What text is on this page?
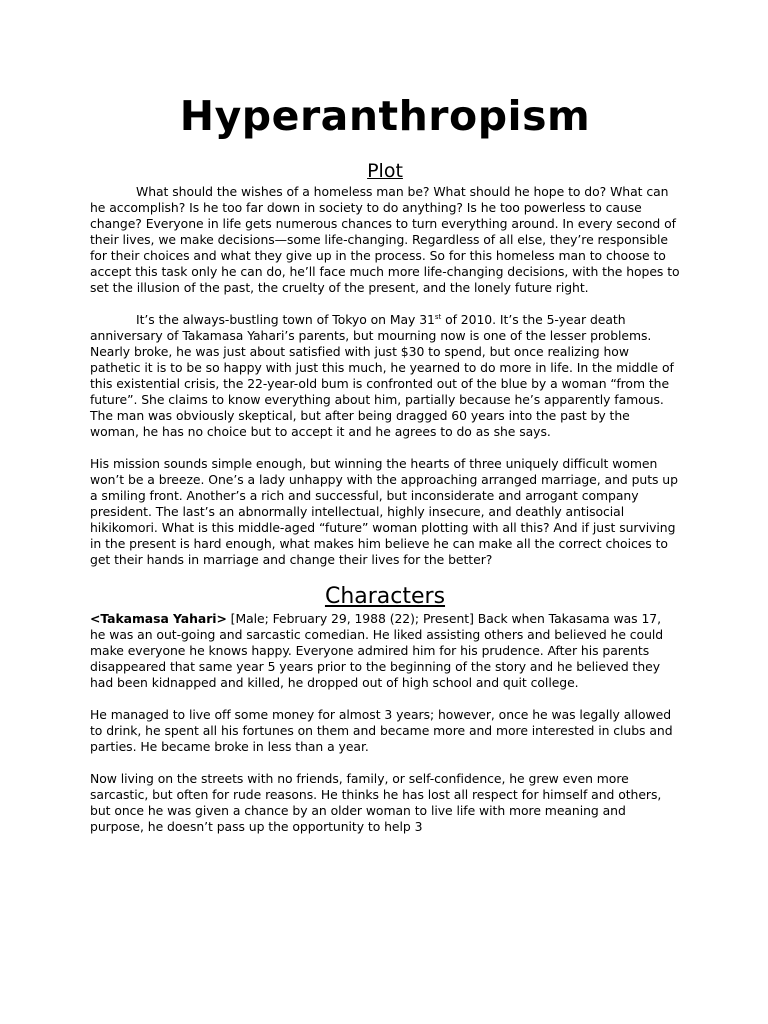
Hyperanthropism
Plot

What should the wishes of a homeless man be? What should he hope to do? What can he accomplish? Is he too far down in society to do anything? Is he too powerless to cause change? Everyone in life gets numerous chances to turn everything around. In every second of their lives, we make decisions—some life-changing. Regardless of all else, they’re responsible for their choices and what they give up in the process. So for this homeless man to choose to accept this task only he can do, he’ll face much more life-changing decisions, with the hopes to set the illusion of the past, the cruelty of the present, and the lonely future right.

It’s the always-bustling town of Tokyo on May 31st of 2010. It’s the 5-year death anniversary of Takamasa Yahari’s parents, but mourning now is one of the lesser problems. Nearly broke, he was just about satisfied with just $30 to spend, but once realizing how pathetic it is to be so happy with just this much, he yearned to do more in life. In the middle of this existential crisis, the 22-year-old bum is confronted out of the blue by a woman “from the future”. She claims to know everything about him, partially because he’s apparently famous. The man was obviously skeptical, but after being dragged 60 years into the past by the woman, he has no choice but to accept it and he agrees to do as she says.

His mission sounds simple enough, but winning the hearts of three uniquely difficult women won’t be a breeze. One’s a lady unhappy with the approaching arranged marriage, and puts up a smiling front. Another’s a rich and successful, but inconsiderate and arrogant company president. The last’s an abnormally intellectual, highly insecure, and deathly antisocial hikikomori. What is this middle-aged “future” woman plotting with all this? And if just surviving in the present is hard enough, what makes him believe he can make all the correct choices to get their hands in marriage and change their lives for the better?

Characters

<Takamasa Yahari> [Male; February 29, 1988 (22); Present] Back when Takasama was 17, he was an out-going and sarcastic comedian. He liked assisting others and believed he could make everyone he knows happy. Everyone admired him for his prudence. After his parents disappeared that same year 5 years prior to the beginning of the story and he believed they had been kidnapped and killed, he dropped out of high school and quit college.

He managed to live off some money for almost 3 years; however, once he was legally allowed to drink, he spent all his fortunes on them and became more and more interested in clubs and parties. He became broke in less than a year.

Now living on the streets with no friends, family, or self-confidence, he grew even more sarcastic, but often for rude reasons. He thinks he has lost all respect for himself and others, but once he was given a chance by an older woman to live life with more meaning and purpose, he doesn’t pass up the opportunity to help 3
